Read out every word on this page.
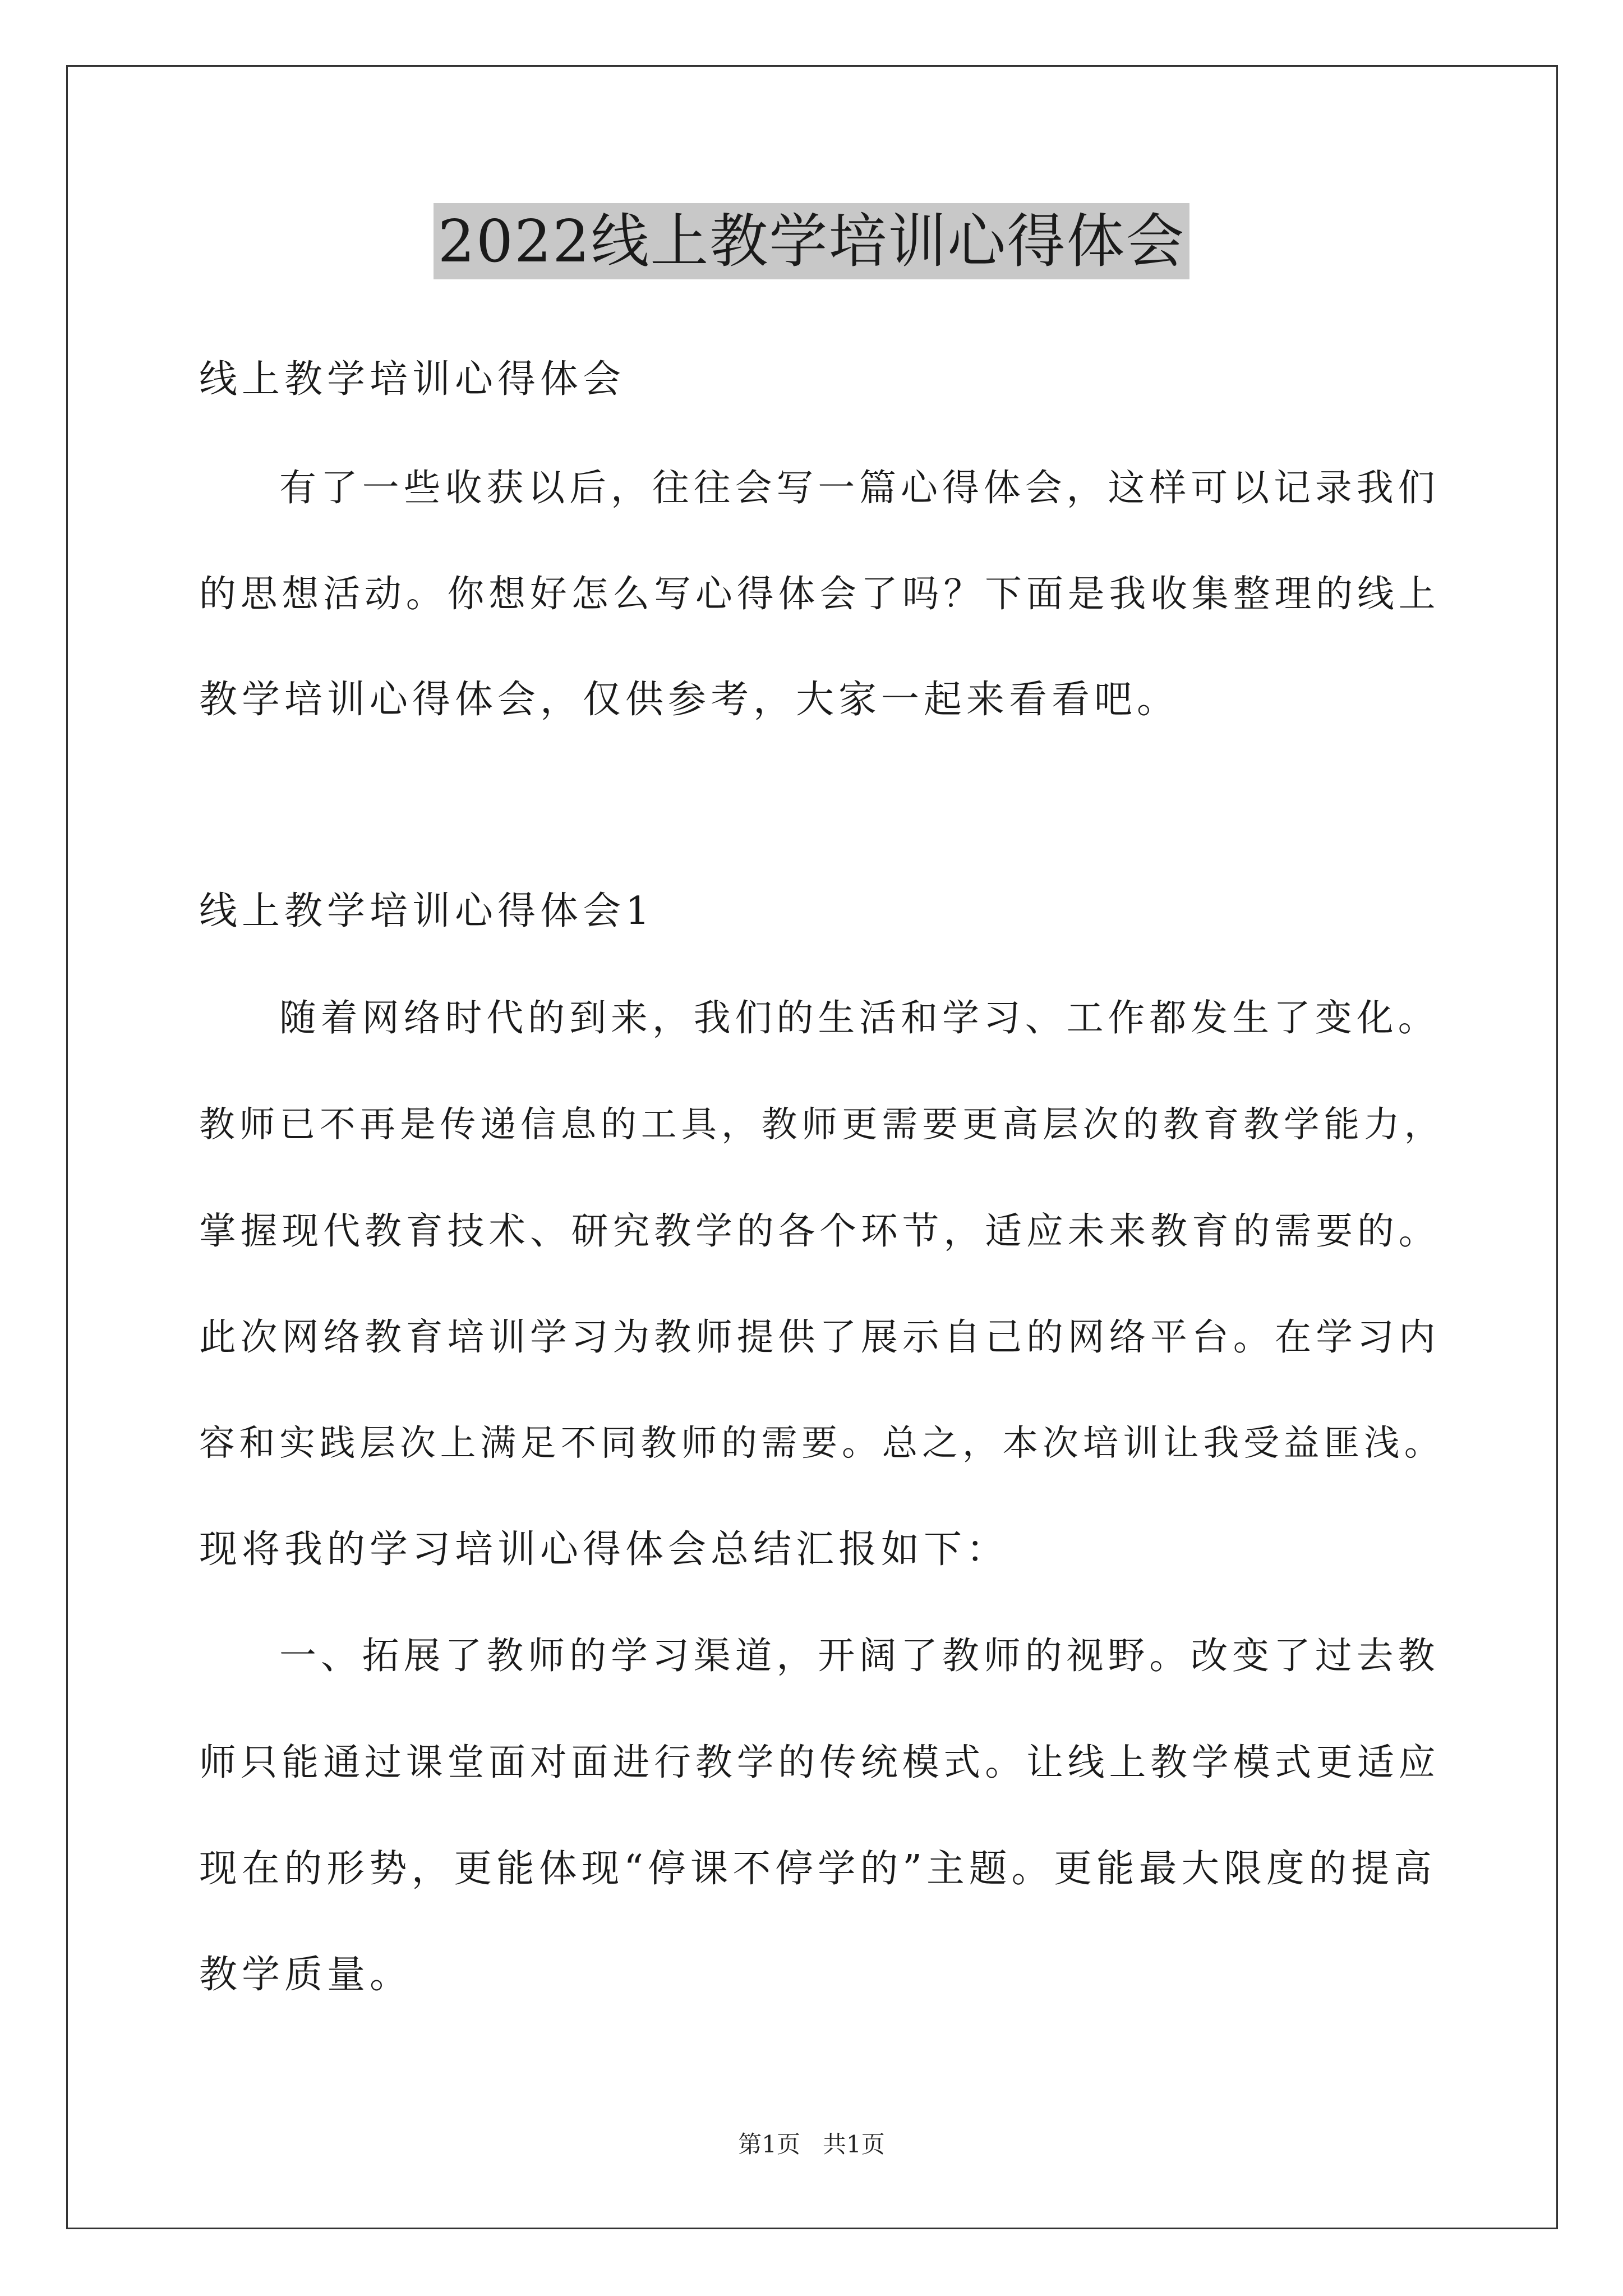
2022线上教学培训心得体会
线上教学培训心得体会
有了一些收获以后，往往会写一篇心得体会，这样可以记录我们
的思想活动。你想好怎么写心得体会了吗？下面是我收集整理的线上
教学培训心得体会，仅供参考，大家一起来看看吧。
线上教学培训心得体会1
随着网络时代的到来，我们的生活和学习、工作都发生了变化。
教师已不再是传递信息的工具，教师更需要更高层次的教育教学能力，
掌握现代教育技术、研究教学的各个环节，适应未来教育的需要的。
此次网络教育培训学习为教师提供了展示自己的网络平台。在学习内
容和实践层次上满足不同教师的需要。总之，本次培训让我受益匪浅。
现将我的学习培训心得体会总结汇报如下：
一、拓展了教师的学习渠道，开阔了教师的视野。改变了过去教
师只能通过课堂面对面进行教学的传统模式。让线上教学模式更适应
现在的形势，更能体现“停课不停学的”主题。更能最大限度的提高
教学质量。
第1页   共1页
